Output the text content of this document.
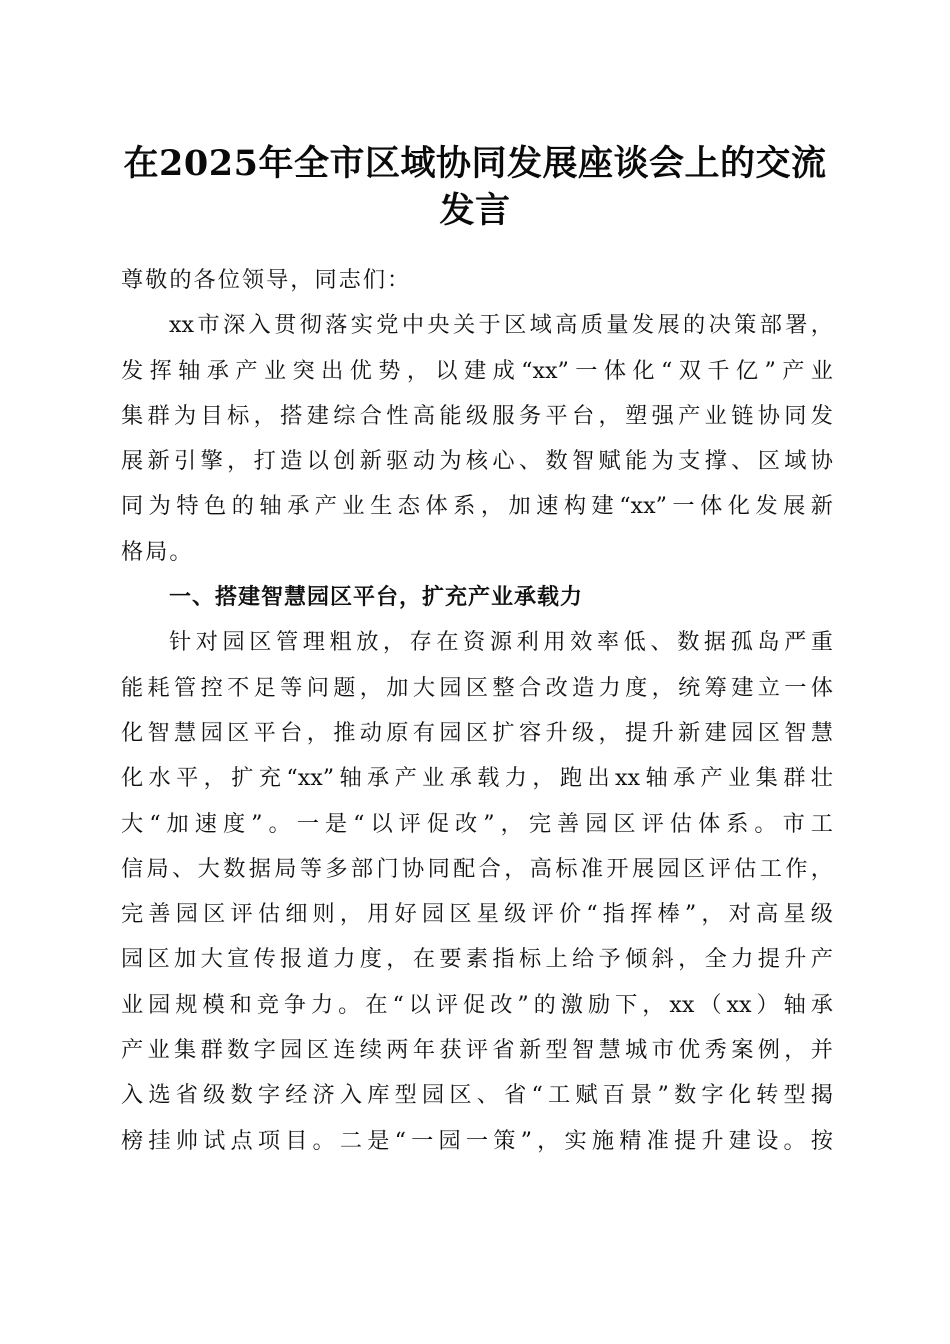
在2025年全市区域协同发展座谈会上的交流
发言

尊敬的各位领导，同志们：

xx市深入贯彻落实党中央关于区域高质量发展的决策部署，
发挥轴承产业突出优势，以建成“xx”一体化“双千亿”产业
集群为目标，搭建综合性高能级服务平台，塑强产业链协同发
展新引擎，打造以创新驱动为核心、数智赋能为支撑、区域协
同为特色的轴承产业生态体系，加速构建“xx”一体化发展新
格局。

一、搭建智慧园区平台，扩充产业承载力

针对园区管理粗放，存在资源利用效率低、数据孤岛严重
能耗管控不足等问题，加大园区整合改造力度，统筹建立一体
化智慧园区平台，推动原有园区扩容升级，提升新建园区智慧
化水平，扩充“xx”轴承产业承载力，跑出xx轴承产业集群壮
大“加速度”。一是“以评促改”，完善园区评估体系。市工
信局、大数据局等多部门协同配合，高标准开展园区评估工作，
完善园区评估细则，用好园区星级评价“指挥棒”，对高星级
园区加大宣传报道力度，在要素指标上给予倾斜，全力提升产
业园规模和竞争力。在“以评促改”的激励下，xx（xx）轴承
产业集群数字园区连续两年获评省新型智慧城市优秀案例，并
入选省级数字经济入库型园区、省“工赋百景”数字化转型揭
榜挂帅试点项目。二是“一园一策”，实施精准提升建设。按
